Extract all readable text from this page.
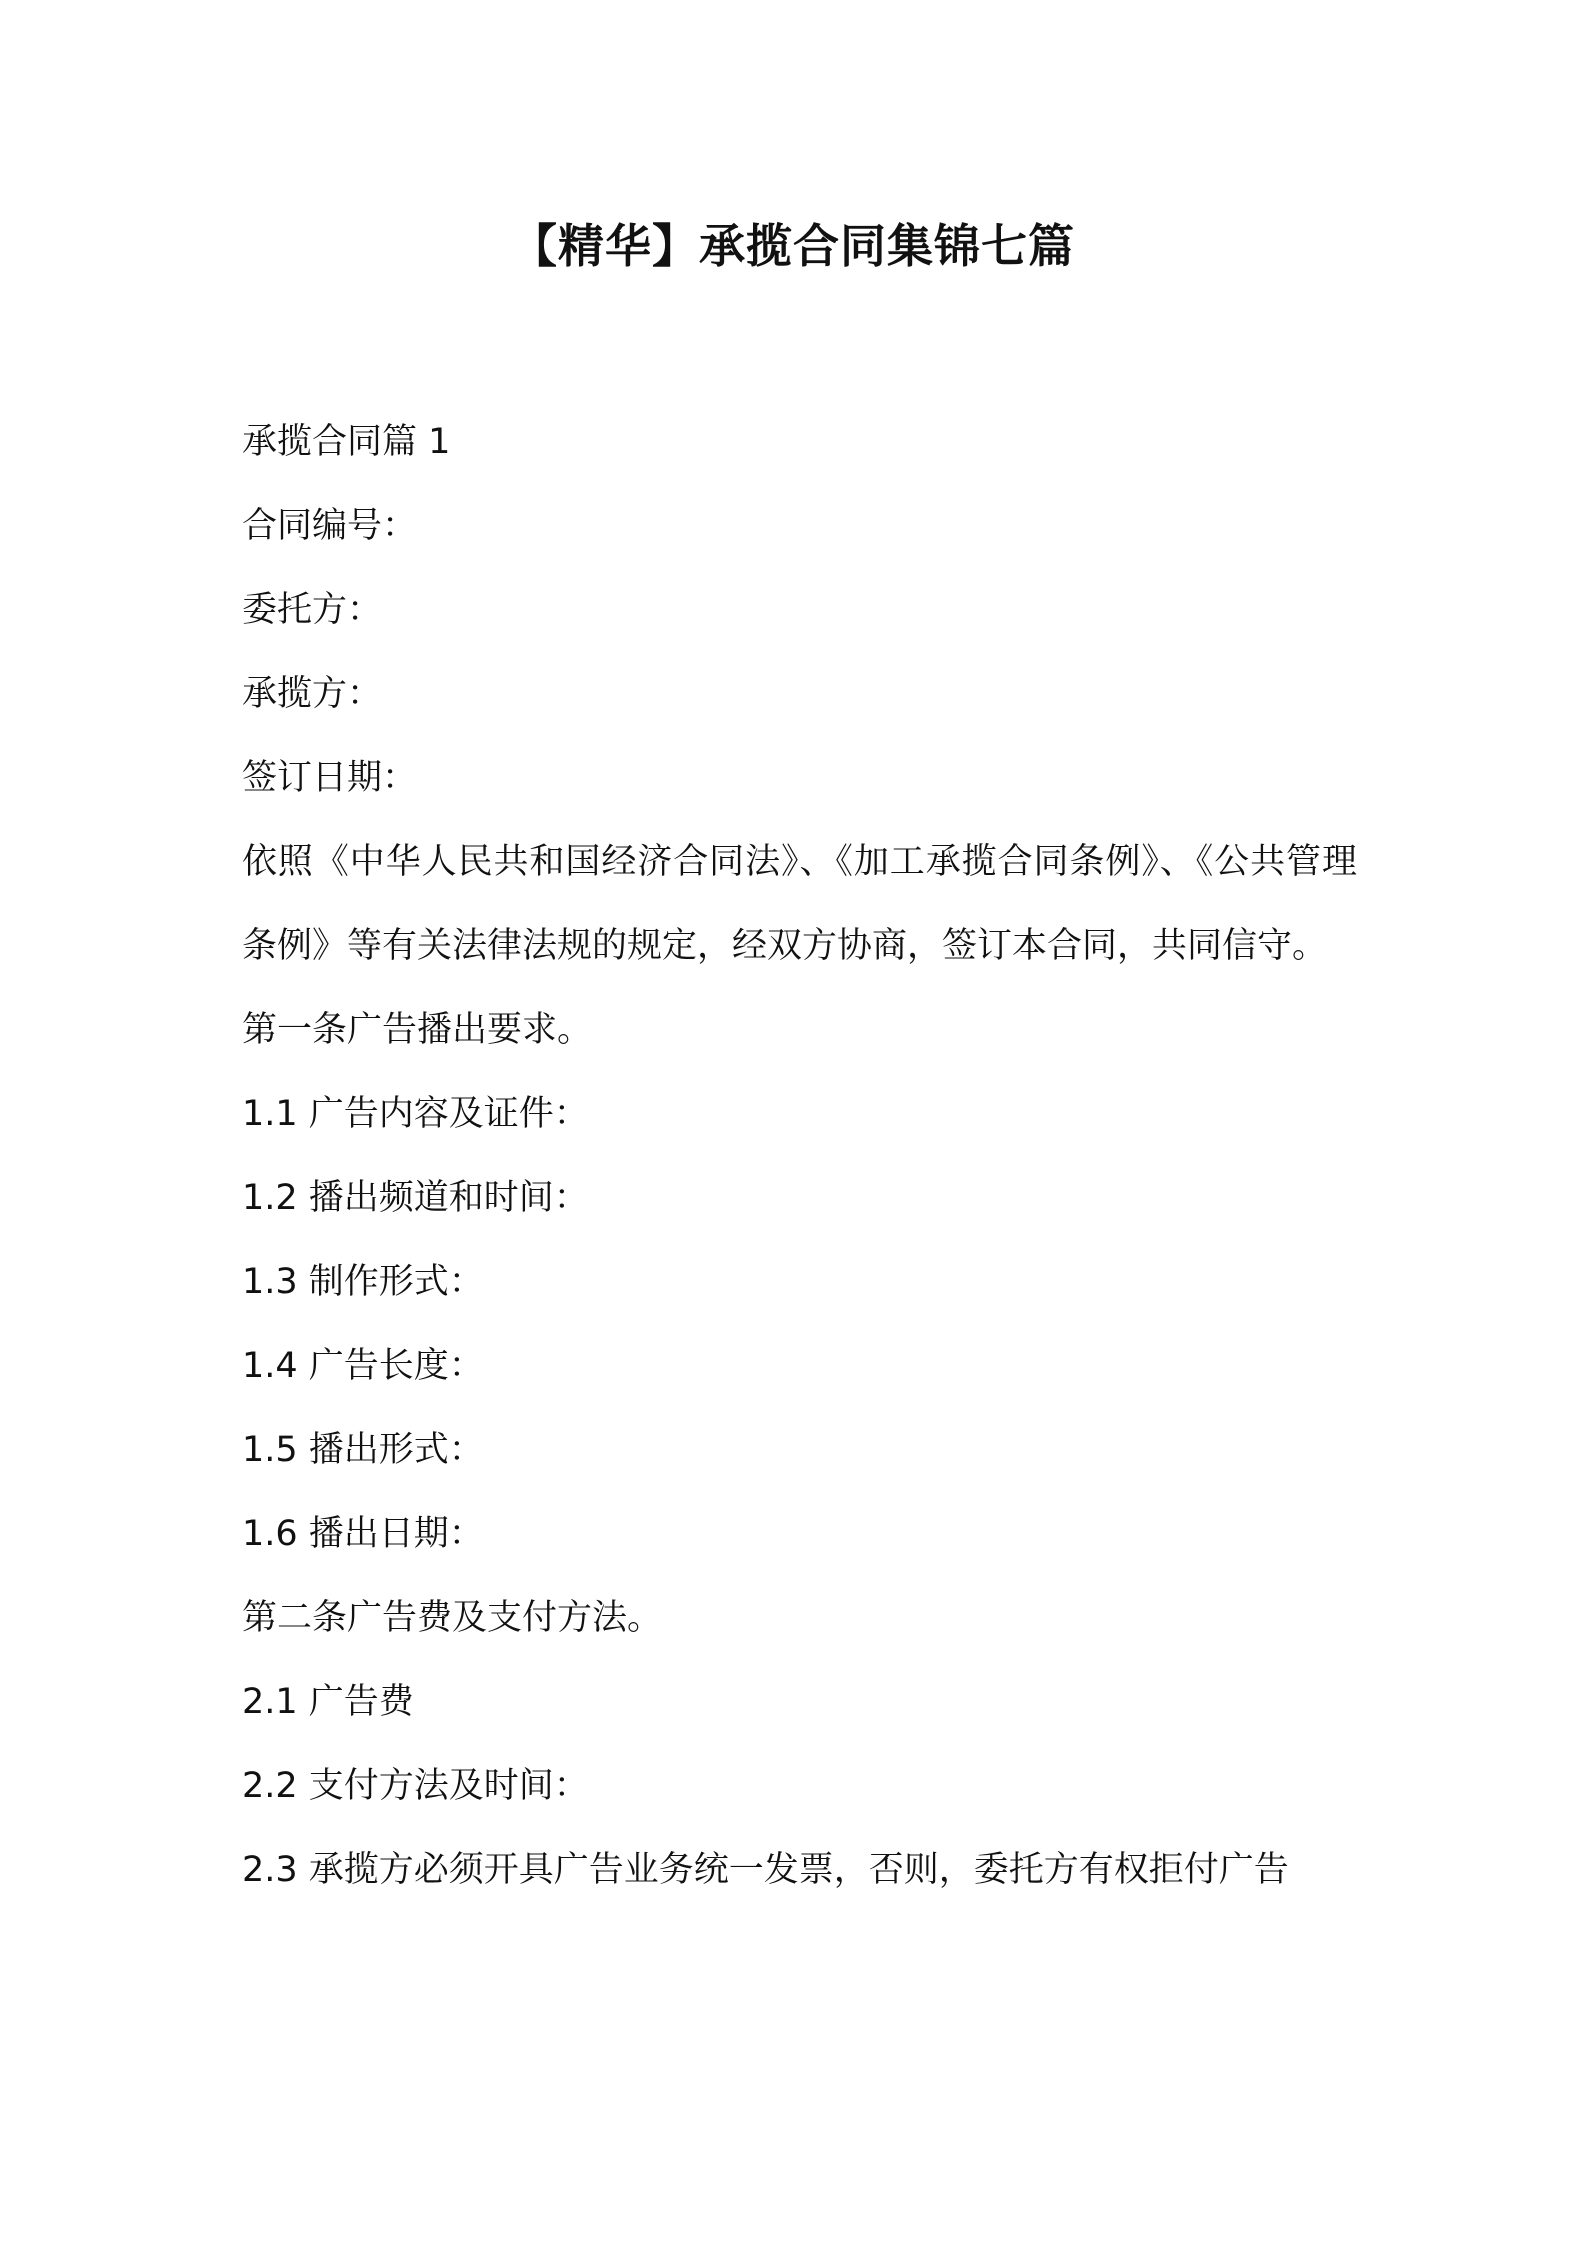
【精华】承揽合同集锦七篇

承揽合同篇 1

合同编号：

委托方：

承揽方：

签订日期：

依照《中华人民共和国经济合同法》、《加工承揽合同条例》、《公共管理条例》等有关法律法规的规定，经双方协商，签订本合同，共同信守。

第一条广告播出要求。

1.1 广告内容及证件：

1.2 播出频道和时间：

1.3 制作形式：

1.4 广告长度：

1.5 播出形式：

1.6 播出日期：

第二条广告费及支付方法。

2.1 广告费

2.2 支付方法及时间：

2.3 承揽方必须开具广告业务统一发票，否则，委托方有权拒付广告
